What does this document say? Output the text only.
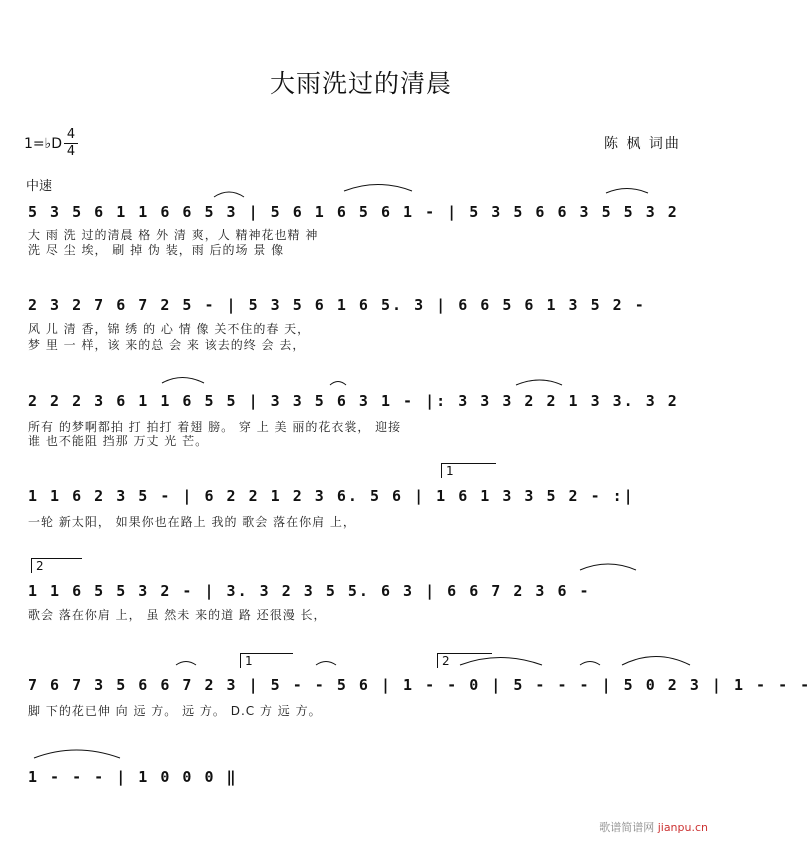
大雨洗过的清晨
1=♭D
4
4	陈 枫 词曲
中速
5 3 5 6 1 1 6 6 5 3 | 5 6 1 6 5 6 1 - | 5 3 5 6 6 3 5 5 3 2
大 雨 洗 过的清晨 格 外 清 爽，人 精神花也精 神
洗 尽 尘 埃， 刷 掉 伪 装，雨 后的场 景 像
2 3 2 7 6 7 2 5 - | 5 3 5 6 1 6 5. 3 | 6 6 5 6 1 3 5 2 -
风 儿 清 香，锦 绣 的 心 情 像 关不住的春 天，
梦 里 一 样，该 来的总 会 来 该去的终 会 去，
2 2 2 3 6 1 1 6 5 5 | 3 3 5 6 3 1 - |: 3 3 3 2 2 1 3 3. 3 2
所有 的梦啊都拍 打 拍打 着翅 膀。 穿 上 美 丽的花衣裳， 迎接
谁 也不能阻 挡那 万丈 光 芒。
1
1 1 6 2 3 5 - | 6 2 2 1 2 3 6. 5 6 | 1 6 1 3 3 5 2 - :|
一轮 新太阳， 如果你也在路上 我的 歌会 落在你肩 上，
2
1 1 6 5 5 3 2 - | 3. 3 2 3 5 5. 6 3 | 6 6 7 2 3 6 -
歌会 落在你肩 上， 虽 然未 来的道 路 还很漫 长，
1	2
7 6 7 3 5 6 6 7 2 3 | 5 - - 5 6 | 1 - - 0 | 5 - - - | 5 0 2 3 | 1 - - -
脚 下的花已伸 向 远 方。 远 方。 D.C 方 远 方。
1 - - - | 1 0 0 0 ‖
歌谱简谱网 jianpu.cn
